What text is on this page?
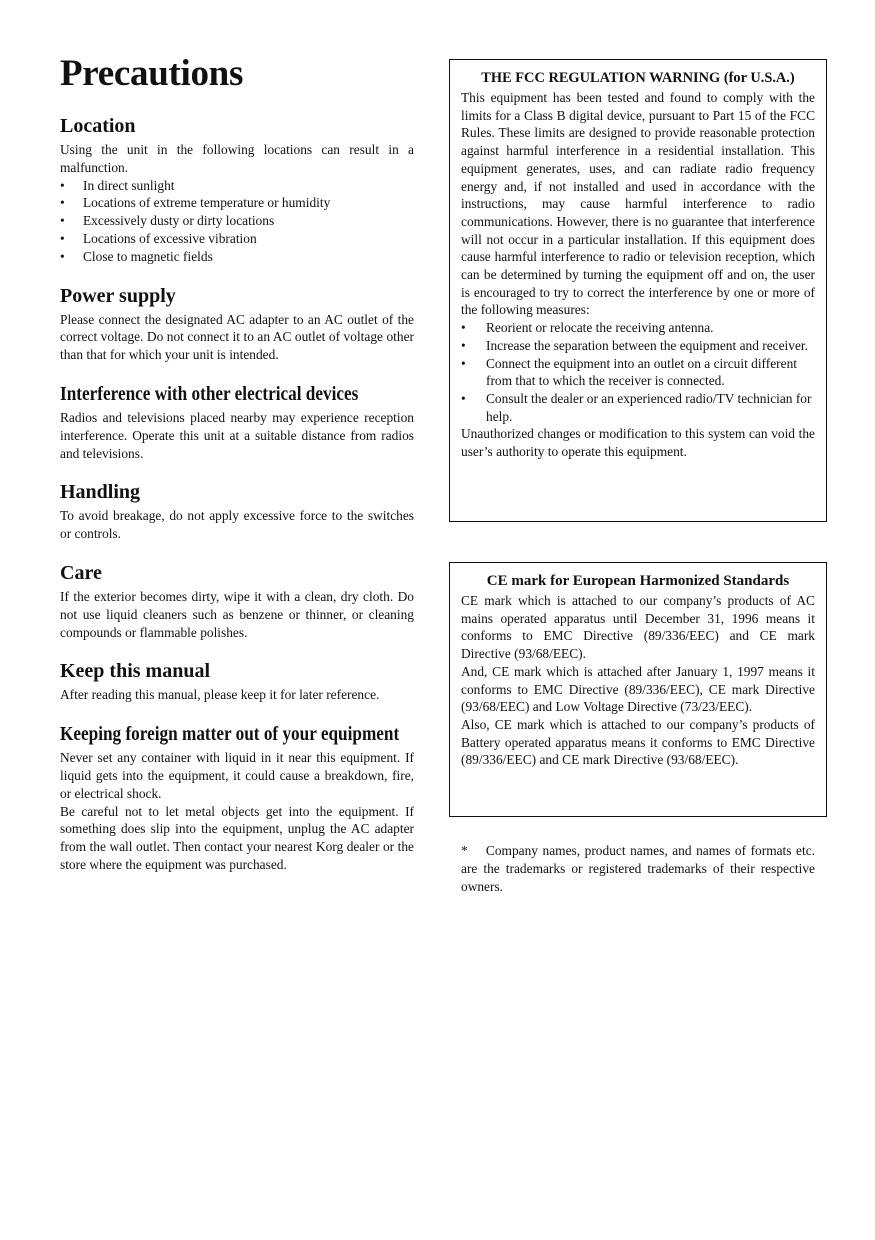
Precautions
Location

Using the unit in the following locations can result in a malfunction.

• In direct sunlight
• Locations of extreme temperature or humidity
• Excessively dusty or dirty locations
• Locations of excessive vibration
• Close to magnetic fields
Power supply

Please connect the designated AC adapter to an AC outlet of the correct voltage. Do not connect it to an AC outlet of voltage other than that for which your unit is intended.

Interference with other electrical devices

Radios and televisions placed nearby may experience reception interference. Operate this unit at a suitable distance from radios and televisions.

Handling

To avoid breakage, do not apply excessive force to the switches or controls.

Care

If the exterior becomes dirty, wipe it with a clean, dry cloth. Do not use liquid cleaners such as benzene or thinner, or cleaning compounds or flammable polishes.

Keep this manual

After reading this manual, please keep it for later reference.

Keeping foreign matter out of your equipment

Never set any container with liquid in it near this equipment. If liquid gets into the equipment, it could cause a breakdown, fire, or electrical shock.

Be careful not to let metal objects get into the equipment. If something does slip into the equipment, unplug the AC adapter from the wall outlet. Then contact your nearest Korg dealer or the store where the equipment was purchased.

THE FCC REGULATION WARNING (for U.S.A.)

This equipment has been tested and found to comply with the limits for a Class B digital device, pursuant to Part 15 of the FCC Rules. These limits are designed to provide reasonable protection against harmful interference in a residential installation. This equipment generates, uses, and can radiate radio frequency energy and, if not installed and used in accordance with the instructions, may cause harmful interference to radio communications. However, there is no guarantee that interference will not occur in a particular installation. If this equipment does cause harmful interference to radio or television reception, which can be determined by turning the equipment off and on, the user is encouraged to try to correct the interference by one or more of the following measures:

• Reorient or relocate the receiving antenna.
• Increase the separation between the equipment and receiver.
• Connect the equipment into an outlet on a circuit different from that to which the receiver is connected.
• Consult the dealer or an experienced radio/TV technician for help.

Unauthorized changes or modification to this system can void the user’s authority to operate this equipment.

CE mark for European Harmonized Standards

CE mark which is attached to our company’s products of AC mains operated apparatus until December 31, 1996 means it conforms to EMC Directive (89/336/EEC) and CE mark Directive (93/68/EEC).

And, CE mark which is attached after January 1, 1997 means it conforms to EMC Directive (89/336/EEC), CE mark Directive (93/68/EEC) and Low Voltage Directive (73/23/EEC).

Also, CE mark which is attached to our company’s products of Battery operated apparatus means it conforms to EMC Directive (89/336/EEC) and CE mark Directive (93/68/EEC).

* Company names, product names, and names of formats etc. are the trademarks or registered trademarks of their respective owners.
